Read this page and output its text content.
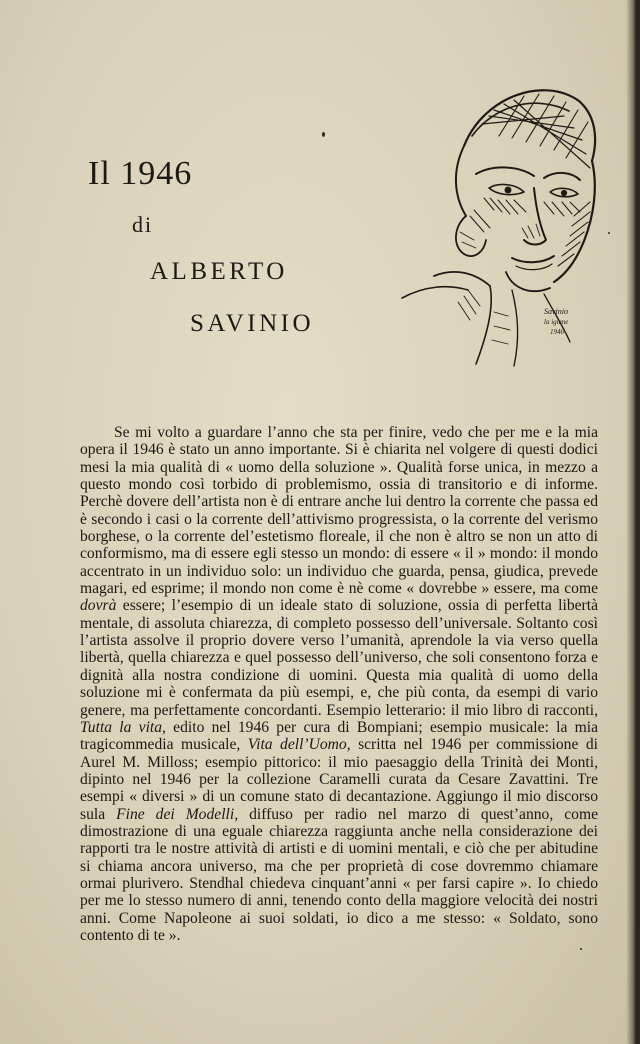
Il 1946
di
ALBERTO
SAVINIO	Savinio
la igiene
1946

Se mi volto a guardare l’anno che sta per finire, vedo che per me e la mia opera il 1946 è stato un anno importante. Si è chiarita nel volgere di questi dodici mesi la mia qualità di « uomo della soluzione ». Qualità forse unica, in mezzo a questo mondo così torbido di problemismo, ossia di transitorio e di informe. Perchè dovere dell’artista non è di entrare anche lui dentro la corrente che passa ed è secondo i casi o la corrente dell’attivismo progressista, o la corrente del verismo borghese, o la corrente del’estetismo floreale, il che non è altro se non un atto di conformismo, ma di essere egli stesso un mondo: di essere « il » mondo: il mondo accentrato in un individuo solo: un individuo che guarda, pensa, giudica, prevede magari, ed esprime; il mondo non come è nè come « dovrebbe » essere, ma come dovrà essere; l’esempio di un ideale stato di soluzione, ossia di perfetta libertà mentale, di assoluta chiarezza, di completo possesso dell’universale. Soltanto così l’artista assolve il proprio dovere verso l’umanità, aprendole la via verso quella libertà, quella chiarezza e quel possesso dell’universo, che soli consentono forza e dignità alla nostra condizione di uomini. Questa mia qualità di uomo della soluzione mi è confermata da più esempi, e, che più conta, da esempi di vario genere, ma perfettamente concordanti. Esempio letterario: il mio libro di racconti, Tutta la vita, edito nel 1946 per cura di Bompiani; esempio musicale: la mia tragicommedia musicale, Vita dell’Uomo, scritta nel 1946 per commissione di Aurel M. Milloss; esempio pittorico: il mio paesaggio della Trinità dei Monti, dipinto nel 1946 per la collezione Caramelli curata da Cesare Zavattini. Tre esempi « diversi » di un comune stato di decantazione. Aggiungo il mio discorso sula Fine dei Modelli, diffuso per radio nel marzo di quest’anno, come dimostrazione di una eguale chiarezza raggiunta anche nella considerazione dei rapporti tra le nostre attività di artisti e di uomini mentali, e ciò che per abitudine si chiama ancora universo, ma che per proprietà di cose dovremmo chiamare ormai plurivero. Stendhal chiedeva cinquant’anni « per farsi capire ». Io chiedo per me lo stesso numero di anni, tenendo conto della maggiore velocità dei nostri anni. Come Napoleone ai suoi soldati, io dico a me stesso: « Soldato, sono contento di te ».
